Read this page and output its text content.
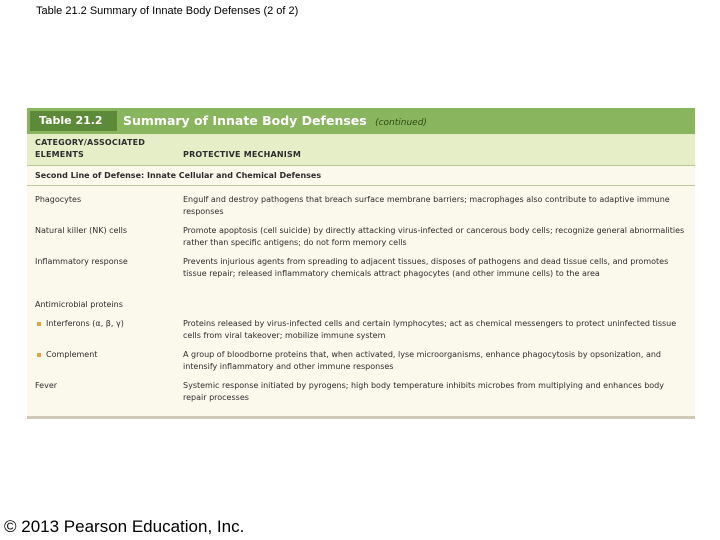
Table 21.2 Summary of Innate Body Defenses (2 of 2)
Table 21.2	Summary of Innate Body Defenses (continued)
CATEGORY/ASSOCIATED
ELEMENTS	PROTECTIVE MECHANISM
Second Line of Defense: Innate Cellular and Chemical Defenses
Phagocytes	Engulf and destroy pathogens that breach surface membrane barriers; macrophages also contribute to adaptive immune responses
Natural killer (NK) cells	Promote apoptosis (cell suicide) by directly attacking virus-infected or cancerous body cells; recognize general abnormalities rather than specific antigens; do not form memory cells
Inflammatory response	Prevents injurious agents from spreading to adjacent tissues, disposes of pathogens and dead tissue cells, and promotes tissue repair; released inflammatory chemicals attract phagocytes (and other immune cells) to the area
Antimicrobial proteins
Interferons (α, β, γ)	Proteins released by virus-infected cells and certain lymphocytes; act as chemical messengers to protect uninfected tissue cells from viral takeover; mobilize immune system
Complement	A group of bloodborne proteins that, when activated, lyse microorganisms, enhance phagocytosis by opsonization, and intensify inflammatory and other immune responses
Fever	Systemic response initiated by pyrogens; high body temperature inhibits microbes from multiplying and enhances body repair processes
© 2013 Pearson Education, Inc.
